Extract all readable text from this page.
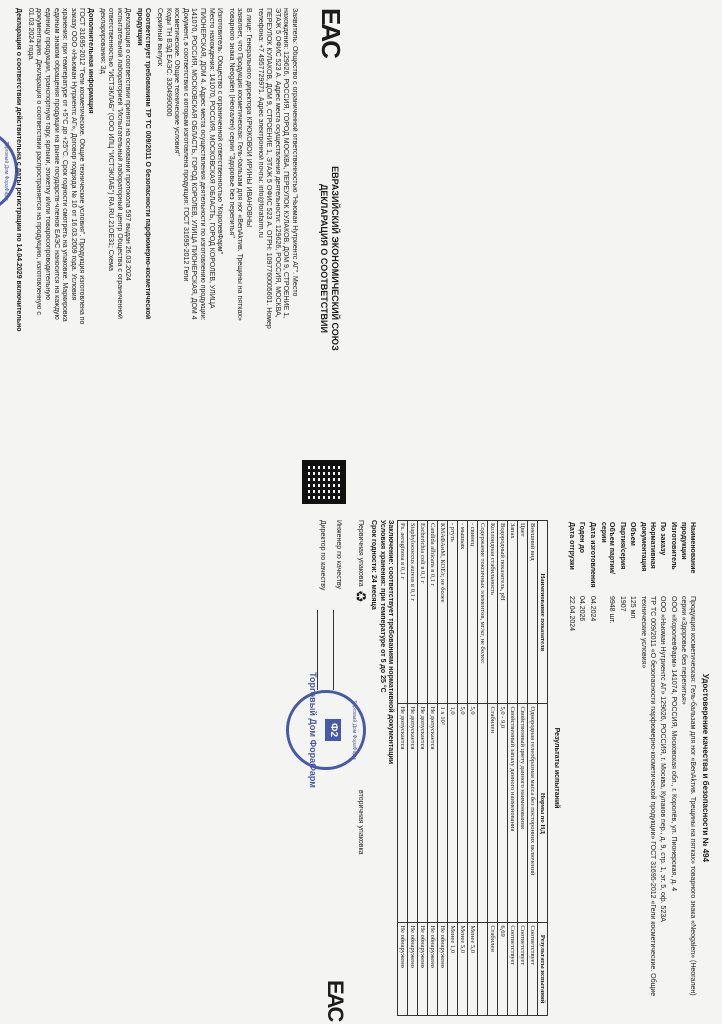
EAC
ЕВРАЗИЙСКИЙ ЭКОНОМИЧЕСКИЙ СОЮЗ
ДЕКЛАРАЦИЯ О СООТВЕТСТВИИ
Заявитель: Общество с ограниченной ответственностью "Ньюман Нутриентс АГ". Место
нахождения: 129626, РОССИЯ, ГОРОД МОСКВА, ПЕРЕУЛОК КУЛАКОВ, ДОМ 9, СТРОЕНИЕ 1,
ЭТАЖ 5 ОФИС 523 А. Адрес места осуществления деятельности: 129626, РОССИЯ, МОСКВА,
ПЕРЕУЛОК КУЛАКОВ, ДОМ 9, СТРОЕНИЕ 1, ЭТАЖ 5 ОФИС 523 А. ОГРН: 1097760005601. Номер
телефона: +7 4957729971. Адрес электронной почты: info@forafarm.ru
В лице: Генерального директора КРЮКОВОЙ ИРИНЫ ИВАНОВНЫ
заявляет, что Продукция косметическая: Гель-бальзам для ног «BenAkтив. Трещины на пятках»
товарного знака Neogalen (Неогален) серии "Здоровье без перепитья"
Изготовитель: Общество с ограниченной ответственностью "КоролевФарм"
Место нахождения: 141070, РОССИЯ, МОСКОВСКАЯ ОБЛАСТЬ, ГОРОД КОРОЛЕВ, УЛИЦА
ПИОНЕРСКАЯ, ДОМ 4. Адрес места осуществления деятельности по изготовлению продукции:
141070, РОССИЯ, МОСКОВСКАЯ ОБЛАСТЬ, ГОРОД КОРОЛЕВ, УЛИЦА ПИОНЕРСКАЯ, ДОМ 4
Документ, в соответствии с которым изготовлена продукция: ГОСТ 31695-2012 Гели
косметические. Общие технические условия"
Коды ТН ВЭД ЕАЭС: 3304990000
Серийный выпуск
Соответствует требованиям ТР ТС 009/2011 О безопасности парфюмерно-косметической
продукции
Декларация о соответствии принята на основании протокола 597 выдан 26.03.2024
испытательной лабораторией "Испытательный лабораторный центр Общества с ограниченной
ответственностью "ИСТЭКЛАБ" (ООО ИЛЦ "ИСТЭКЛАБ") RA.RU.21ОЕ31; Схема
декларирования: 3д
Дополнительная информация
ГОСТ 31695-2012 "Гели косметические. Общие технические условия". Продукция изготовлена по
заказу ООО «Ньюман Нутриентс АГ», Договор подряда № 10 от 16.03.2009 года. Условия
хранения: при температуре от +5°С до +25°С. Срок годности смотреть на упаковке. Маркировка
единым знаком обращения продукции на рынке государств-членов ЕАЭС наносится на каждую
единицу продукции, транспортную тару, ярлыки, этикетку и/или товаросопроводительную
документацию. Декларация о соответствии распространяется на продукцию, изготовленную с
01.03.2024 года.
Декларация о соответствии действительна с даты регистрации по 14.04.2029 включительно
Торговый Дом ФораФарм
Удостоверение качества и безопасности № 494
Наименование продукции	Продукция косметическая: Гель-бальзам для ног «BenAkтив. Трещины на пятках» товарного знака «Neogalen» (Неогален) серии «Здоровье без перепитья»
Изготовитель	ООО «КоролевФарм» 141074, РОССИЯ, Московская обл., г. Королёв, ул. Пионерская, д. 4
По заказу	ООО «Ньюман Нутриентс АГ» 129626, РОССИЯ, г. Москва, Кулаков пер., д. 9, стр. 1, эт. 5, оф. 523А
Нормативная документация	ТР ТС 009/2011 «О безопасности парфюмерно-косметической продукции» ГОСТ 31695-2012 «Гели косметические. Общие технические условия»
Объем	125 мл
Партия/серия	1907
Объем партии/серии	9948 шт.
Дата изготовления	04.2024
Годен до	04.2026
Дата отгрузки	22.04.2024
Результаты испытаний
Наименование показателя	Нормы по НД	Результаты испытаний
Внешний вид	Однородная гелеобразная масса без посторонних включений	Соответствует
Цвет	Свойственный цвету данного наименования	Соответствует
Запах	Свойственный запаху данного наименования	Соответствует
Водородный показатель, рН	5,0 - 9,0	6,69
Коллоидная стабильность	Стабилен	Стабилен
Содержание токсичных элементов, мг/кг, не более:		
- свинец	5,0	Менее 5,0
- мышьяк	5,0	Менее 5,0
- ртуть	1,0	Менее 1,0
КМАФАнМ, КОЕ/г, не более	1 х 10³	Не обнаружено
Candida albicans в 0,1 г	Не допускается	Не обнаружено
Escherichia coli в 0,1 г	Не допускается	Не обнаружено
Staphylococcus aureus в 0,1 г	Не допускается	Не обнаружено
Ps. aeruginosa в 0,1 г	Не допускается	Не обнаружено
Заключение: соответствует требованиям нормативной документации
Условия хранения: при температуре от 5 до 25 °С
Срок годности: 24 месяца
Первичная упаковка
♻
вторичная упаковка
Инженер по качеству
Директор по качеству
Торговый Дом ФораФарм
Ф2
Торговый Дом ФораФарм
EAC
